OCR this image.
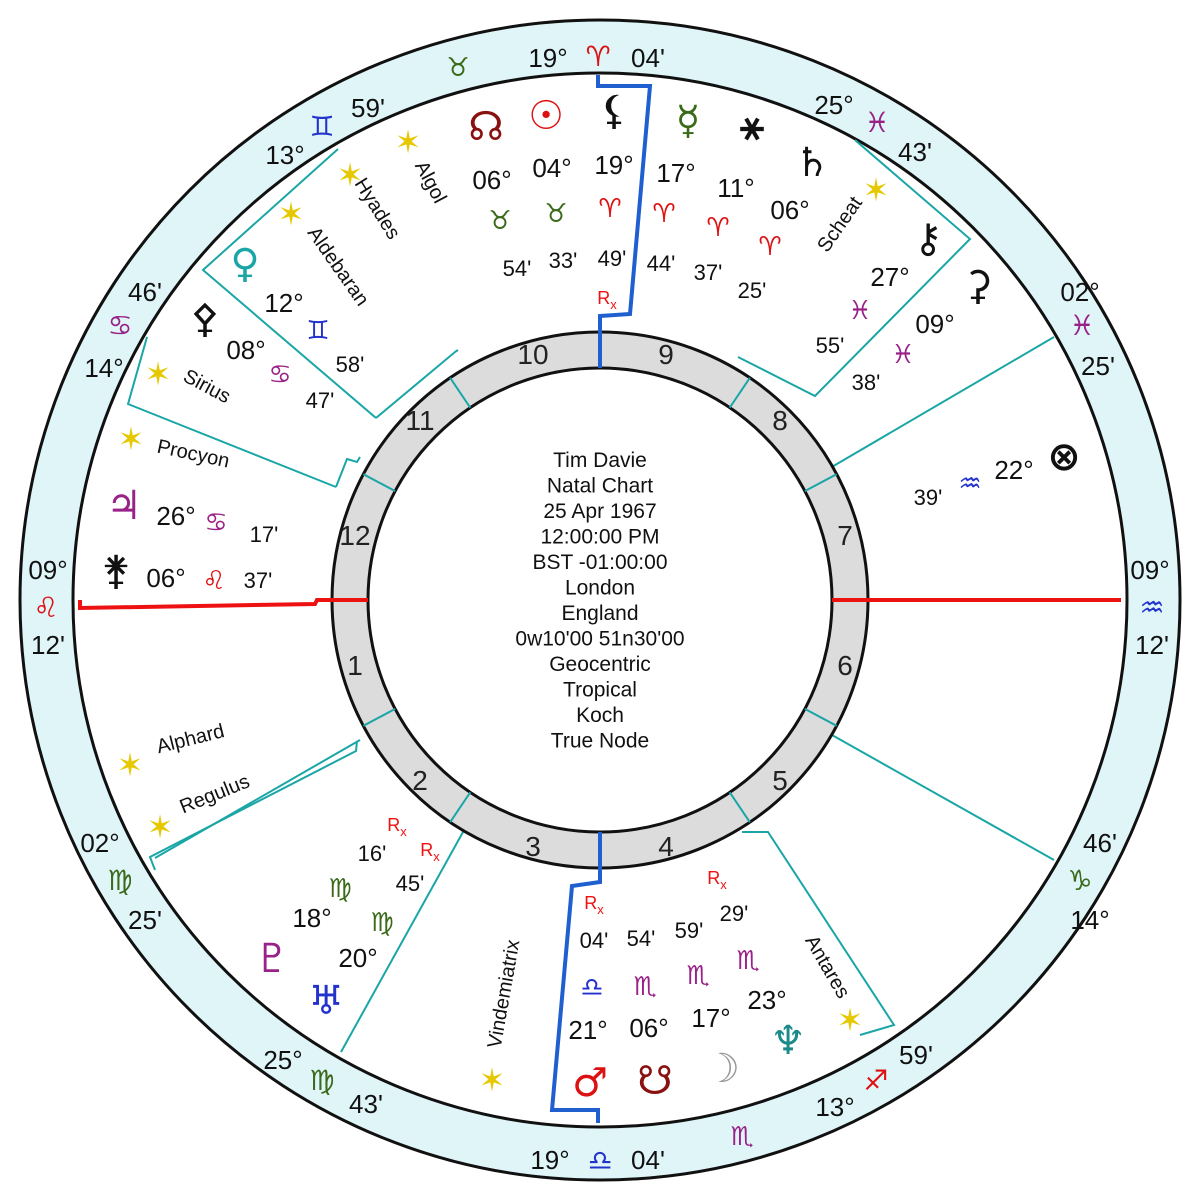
1
2
3	4
5
6
7
8
9
10
11
12
Tim Davie
Natal Chart
25 Apr 1967
12:00:00 PM
BST -01:00:00
London
England
0w10'00 51n30'00
Geocentric
Tropical
Koch
True Node
19° ♈ 04'
19° ♎ 04'
09°
♌
12'
09°
♒
12'
13°
♊
59'
14°
♋
46'
25°
♓
43'
02°
♓
25'
02°
♍
25'
25°
♍
43'
14°
♑
46'
13°
♐
59'
♉
♏
☊
06°
♉
54'
☉
04°
♉
33'
⚸
19°
♈
49'
$R_x$
☿
17°
♈
44'
⚹
11°
♈
37'
♄
06°
♈
25'
⚷
27°
♓
55'
⚳
09°
♓
38'
⊗
22°
♒
39'
♀
12°
♊
58'
⚴
08°
♋
47'
♃ 26° ♋ 17'
⚵ 06° ♌ 37'
♇
18°
♍
16'
$R_x$
♅
20°
♍
45'
$R_x$
♂
21°
♎
04'
$R_x$
☋
06°
♏
54'
☽
17°
♏
59'
♆
23°
♏
29'
$R_x$
✶
Algol
✶
Hyades
✶
Aldebaran
✶ Sirius
✶ Procyon
✶
Scheat
✶
Alphard
✶
Regulus
✶
Vindemiatrix	✶
Antares
